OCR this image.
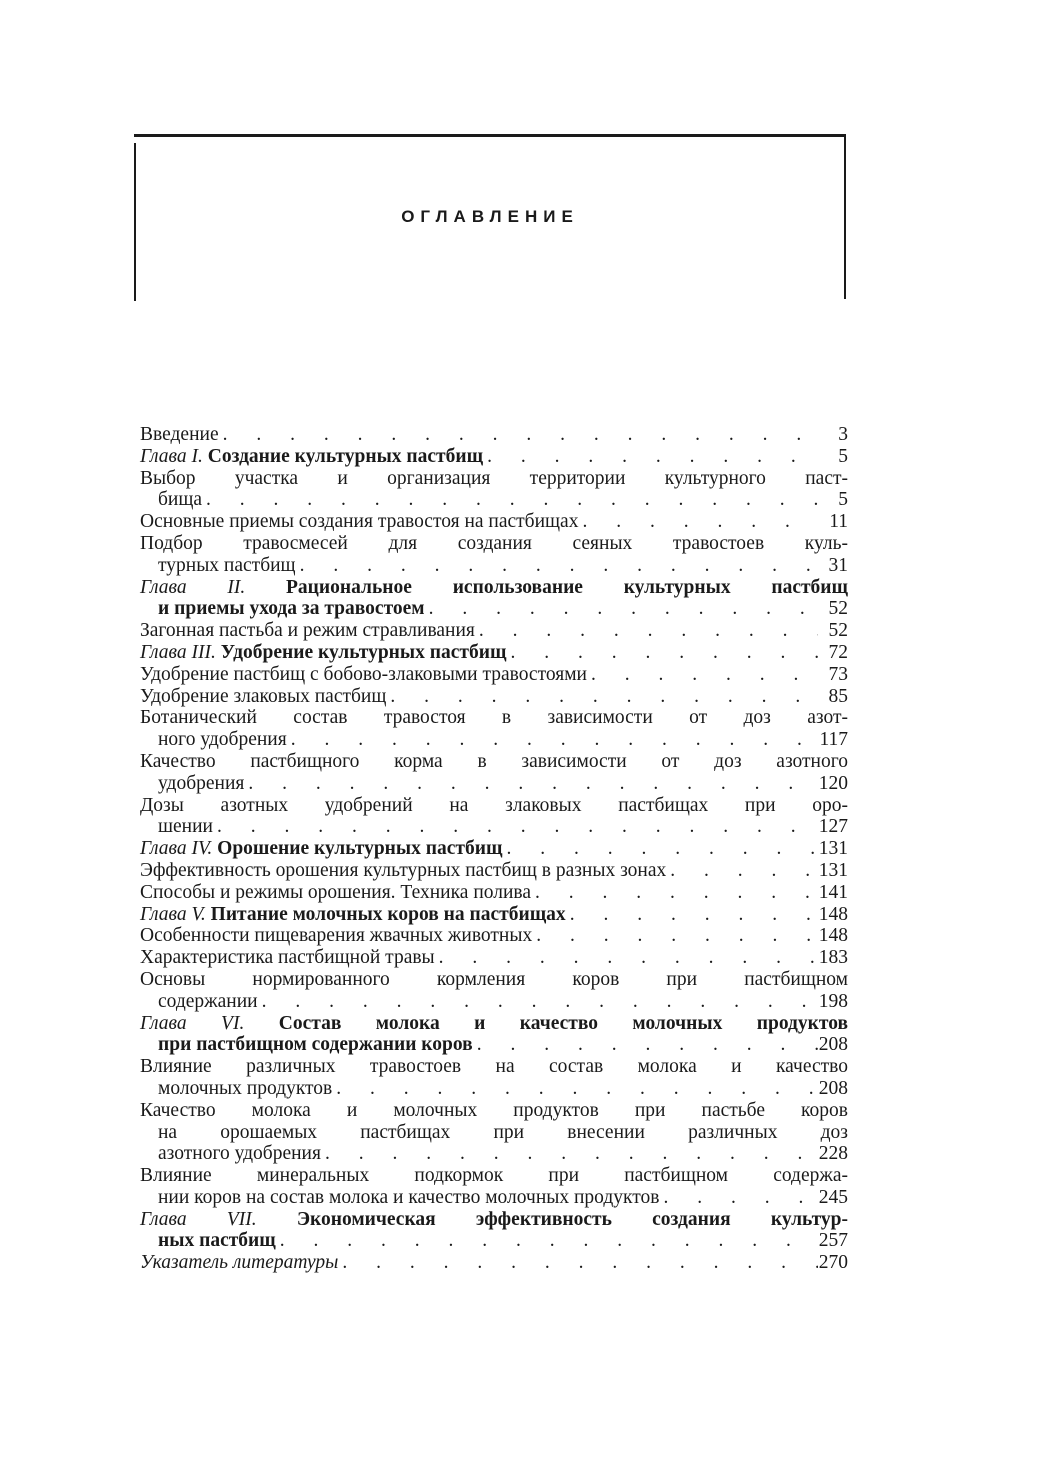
ОГЛАВЛЕНИЕ
Введение . . .	3
Глава I. Создание культурных пастбищ . . .	5
Выбор участка и организация территории культурного паст-
бища . . .	5
Основные приемы создания травостоя на пастбищах . . .	11
Подбор травосмесей для создания сеяных травостоев куль-
турных пастбищ . . .	31
Глава II. Рациональное использование культурных пастбищ
и приемы ухода за травостоем . . .	52
Загонная пастьба и режим стравливания . . .	52
Глава III. Удобрение культурных пастбищ . . .	72
Удобрение пастбищ с бобово-злаковыми травостоями . . .	73
Удобрение злаковых пастбищ . . .	85
Ботанический состав травостоя в зависимости от доз азот-
ного удобрения . . .	117
Качество пастбищного корма в зависимости от доз азотного
удобрения . . .	120
Дозы азотных удобрений на злаковых пастбищах при оро-
шении . . .	127
Глава IV. Орошение культурных пастбищ . . .	131
Эффективность орошения культурных пастбищ в разных зонах . . .	131
Способы и режимы орошения. Техника полива . . .	141
Глава V. Питание молочных коров на пастбищах . . .	148
Особенности пищеварения жвачных животных . . .	148
Характеристика пастбищной травы . . .	183
Основы нормированного кормления коров при пастбищном
содержании . . .	198
Глава VI. Состав молока и качество молочных продуктов
при пастбищном содержании коров . . .	208
Влияние различных травостоев на состав молока и качество
молочных продуктов . . .	208
Качество молока и молочных продуктов при пастьбе коров
на орошаемых пастбищах при внесении различных доз
азотного удобрения . . .	228
Влияние минеральных подкормок при пастбищном содержа-
нии коров на состав молока и качество молочных продуктов . . .	245
Глава VII. Экономическая эффективность создания культур-
ных пастбищ . . .	257
Указатель литературы . . .	270
